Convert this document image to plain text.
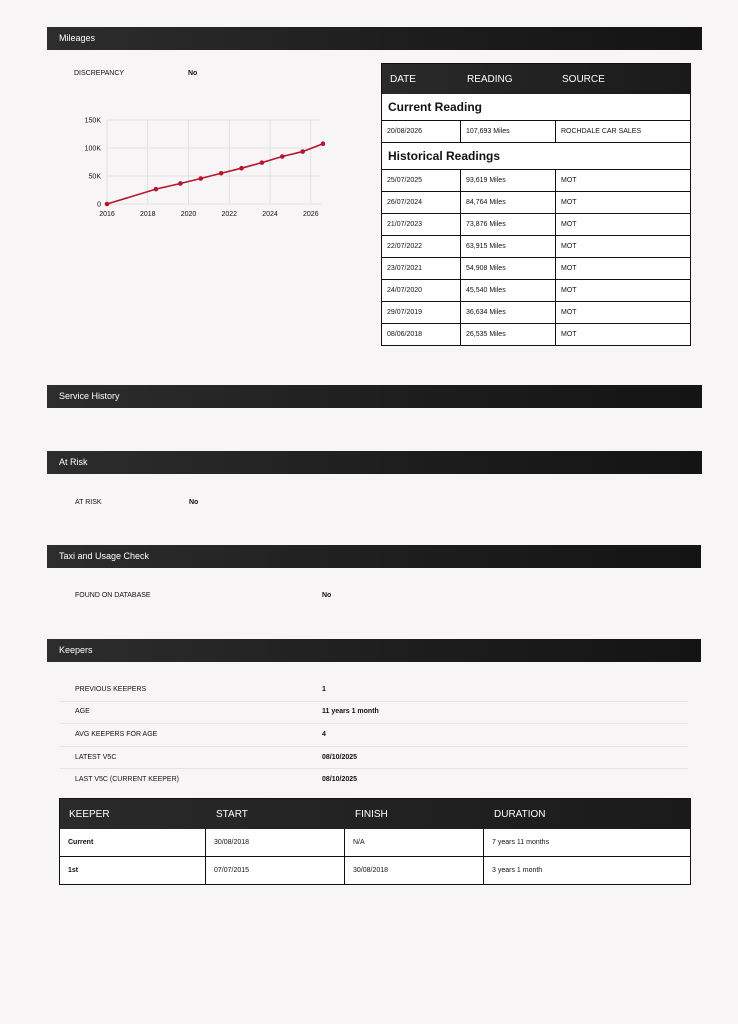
Mileages
DISCREPANCY	No
0
50K
100K
150K
2016	2018	2020	2022	2024	2026
DATE	READING	SOURCE
Current Reading
20/08/2026	107,693 Miles	ROCHDALE CAR SALES
Historical Readings
25/07/2025	93,619 Miles	MOT
26/07/2024	84,764 Miles	MOT
21/07/2023	73,876 Miles	MOT
22/07/2022	63,915 Miles	MOT
23/07/2021	54,908 Miles	MOT
24/07/2020	45,540 Miles	MOT
29/07/2019	36,634 Miles	MOT
08/06/2018	26,535 Miles	MOT
Service History
At Risk
AT RISK	No
Taxi and Usage Check
FOUND ON DATABASE	No
Keepers
PREVIOUS KEEPERS	1
AGE	11 years 1 month
AVG KEEPERS FOR AGE	4
LATEST V5C	08/10/2025
LAST V5C (CURRENT KEEPER)	08/10/2025
KEEPER	START	FINISH	DURATION
Current	30/08/2018	N/A	7 years 11 months
1st	07/07/2015	30/08/2018	3 years 1 month
